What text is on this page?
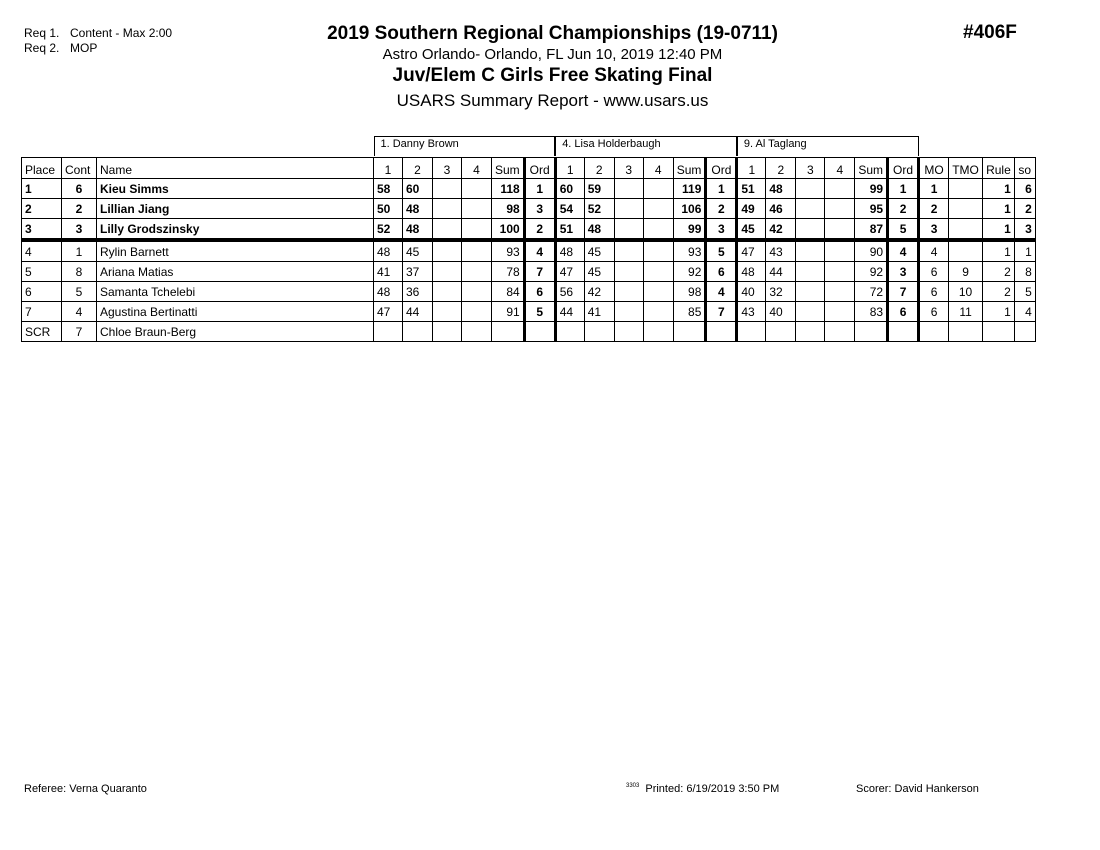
Req 1. Content - Max 2:00
Req 2. MOP
2019 Southern Regional Championships (19-0711)
Astro Orlando- Orlando, FL Jun 10, 2019 12:40 PM
Juv/Elem C Girls Free Skating Final
USARS Summary Report - www.usars.us
#406F
1. Danny Brown	4. Lisa Holderbaugh	9. Al Taglang
Place	Cont	Name	1	2	3	4	Sum	Ord	1	2	3	4	Sum	Ord	1	2	3	4	Sum	Ord	MO	TMO	Rule	so
1	6	Kieu Simms	58	60			118	1	60	59			119	1	51	48			99	1	1		1	6
2	2	Lillian Jiang	50	48			98	3	54	52			106	2	49	46			95	2	2		1	2
3	3	Lilly Grodszinsky	52	48			100	2	51	48			99	3	45	42			87	5	3		1	3
4	1	Rylin Barnett	48	45			93	4	48	45			93	5	47	43			90	4	4		1	1
5	8	Ariana Matias	41	37			78	7	47	45			92	6	48	44			92	3	6	9	2	8
6	5	Samanta Tchelebi	48	36			84	6	56	42			98	4	40	32			72	7	6	10	2	5
7	4	Agustina Bertinatti	47	44			91	5	44	41			85	7	43	40			83	6	6	11	1	4
SCR	7	Chloe Braun-Berg																						
Referee: Verna Quaranto	$^{3303}$ Printed: 6/19/2019 3:50 PM	Scorer: David Hankerson
